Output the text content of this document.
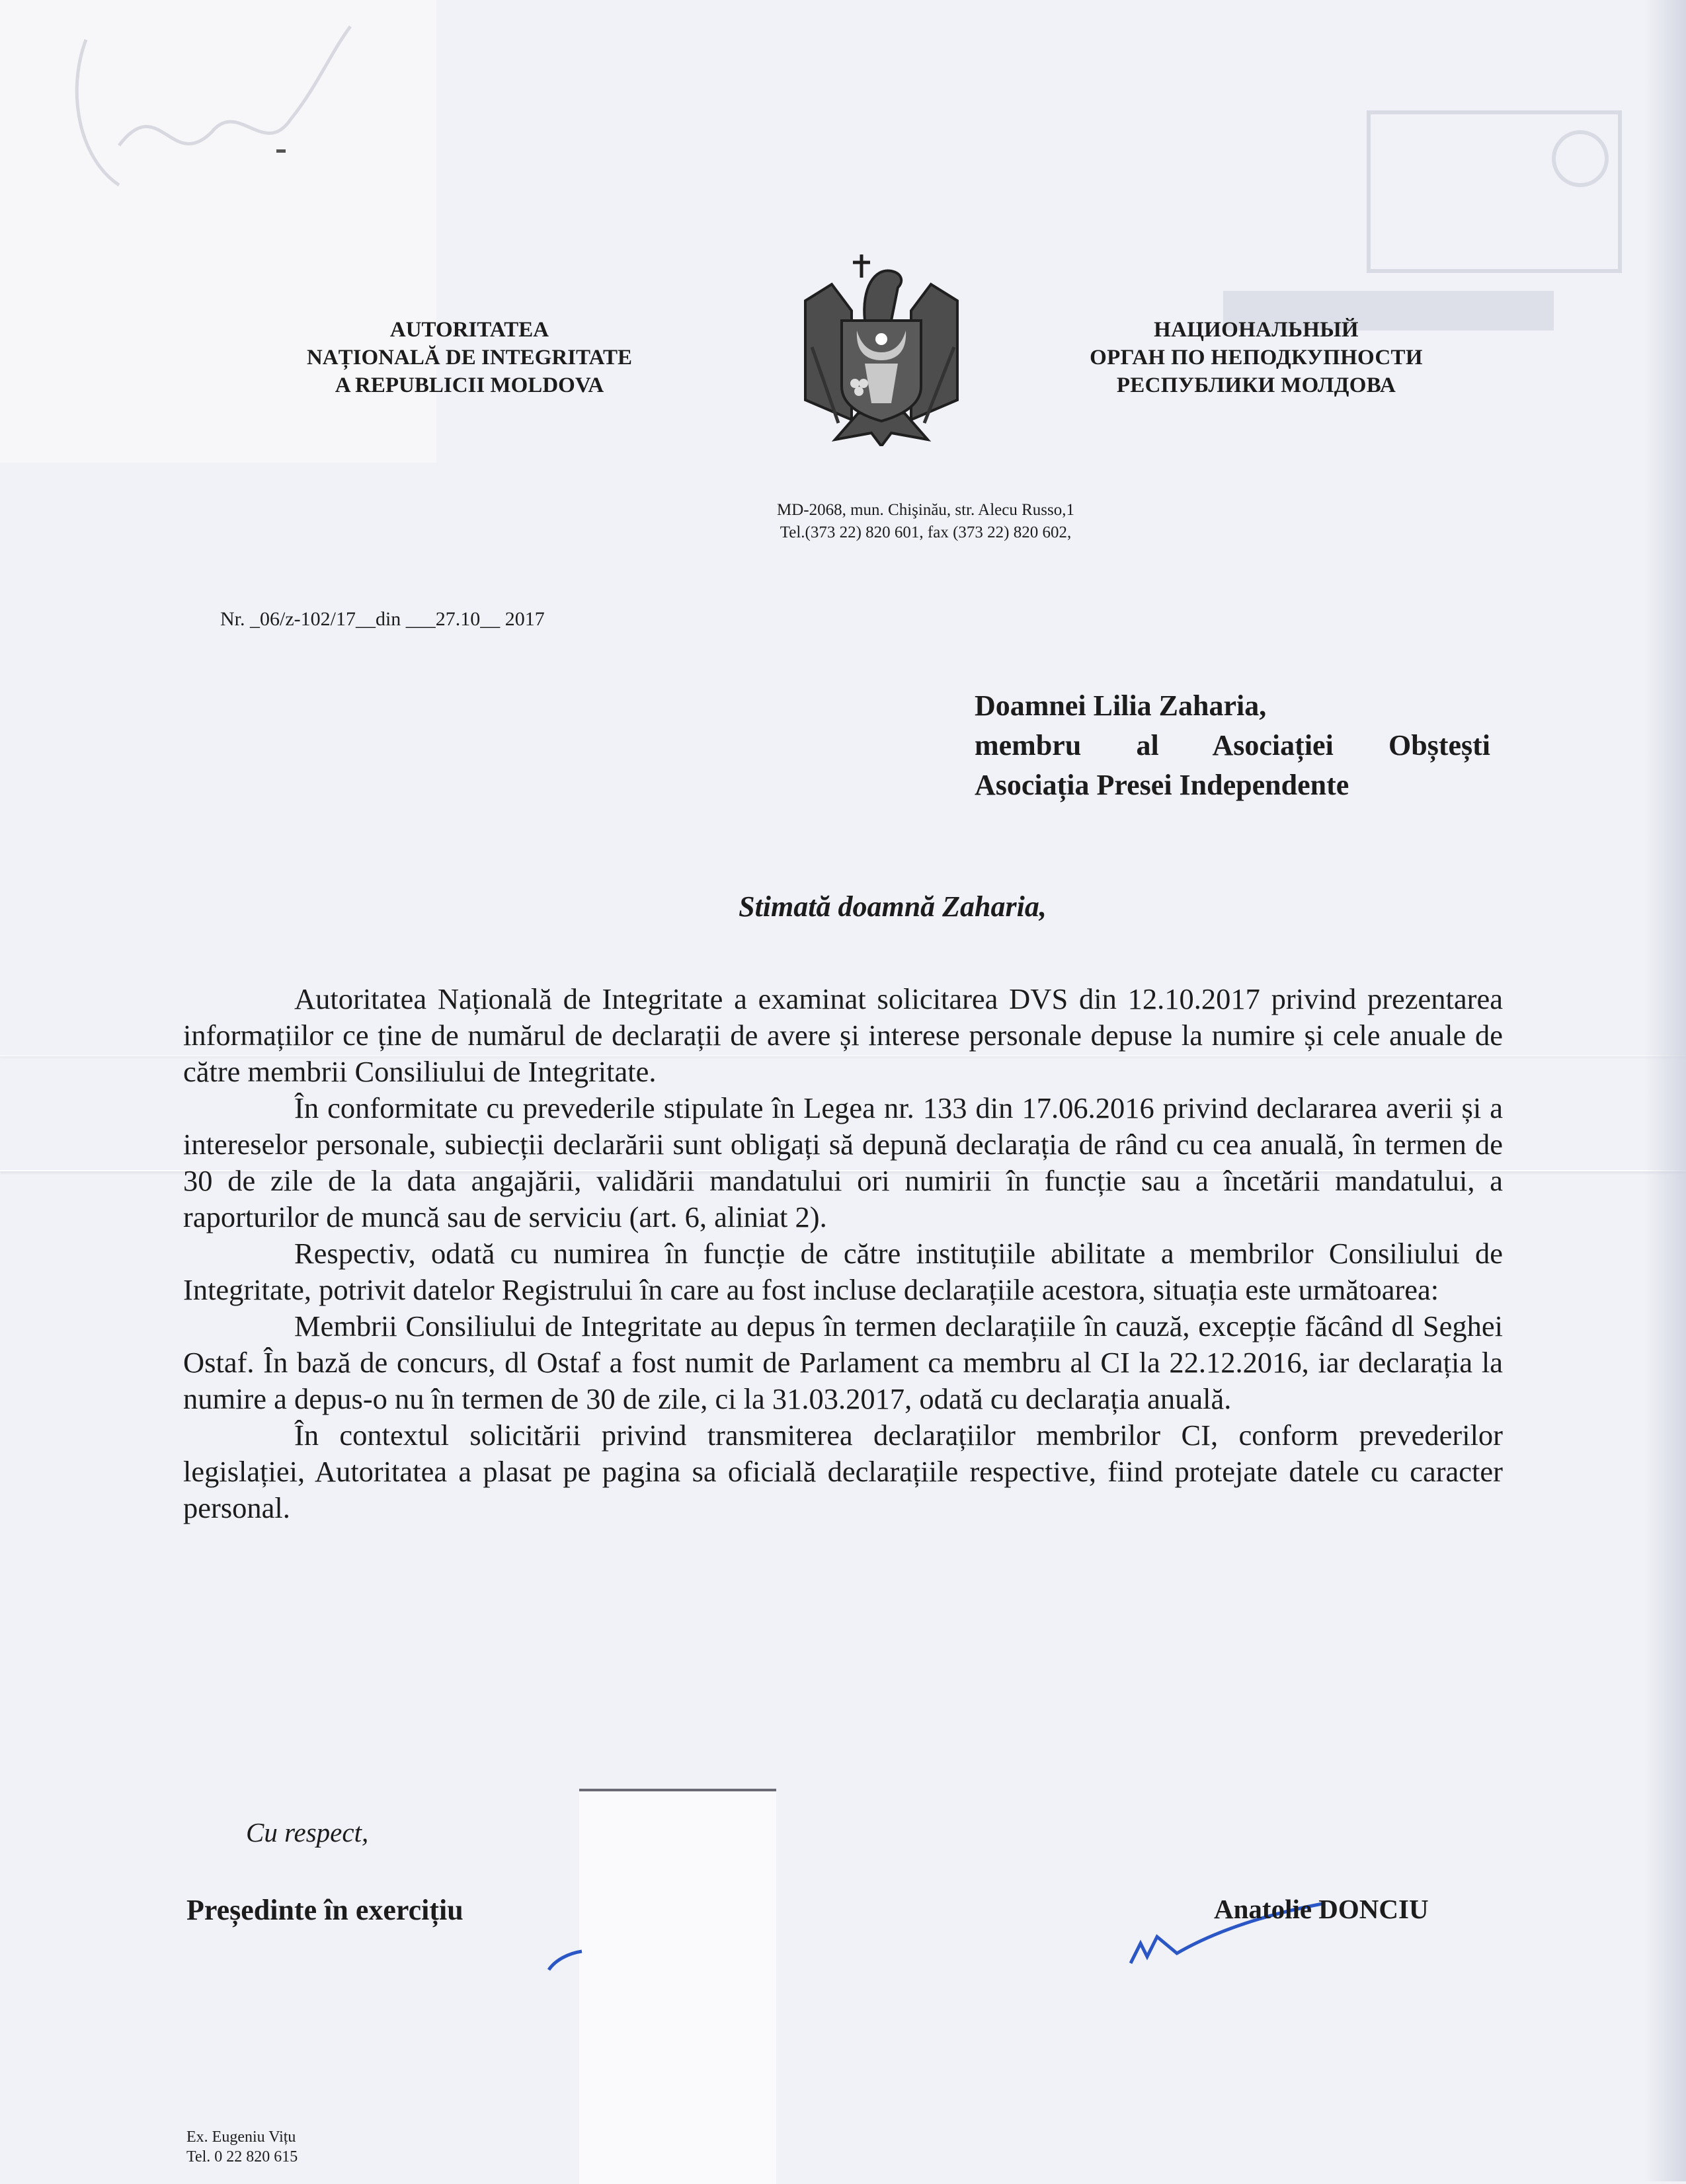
AUTORITATEA
NAȚIONALĂ DE INTEGRITATE
A REPUBLICII MOLDOVA
НАЦИОНАЛЬНЫЙ
ОРГАН ПО НЕПОДКУПНОСТИ
РЕСПУБЛИКИ МОЛДОВА
MD-2068, mun. Chişinău, str. Alecu Russo,1
Tel.(373 22) 820 601, fax (373 22) 820 602,
Nr. _06/z-102/17__din ___27.10__ 2017
Doamnei Lilia Zaharia,
membru al Asociației Obștești
Asociația Presei Independente
Stimată doamnă Zaharia,

Autoritatea Națională de Integritate a examinat solicitarea DVS din 12.10.2017 privind prezentarea informațiilor ce ține de numărul de declarații de avere și interese personale depuse la numire și cele anuale de către membrii Consiliului de Integritate.

În conformitate cu prevederile stipulate în Legea nr. 133 din 17.06.2016 privind declararea averii și a intereselor personale, subiecții declarării sunt obligați să depună declarația de rând cu cea anuală, în termen de 30 de zile de la data angajării, validării mandatului ori numirii în funcție sau a încetării mandatului, a raporturilor de muncă sau de serviciu (art. 6, aliniat 2).

Respectiv, odată cu numirea în funcție de către instituțiile abilitate a membrilor Consiliului de Integritate, potrivit datelor Registrului în care au fost incluse declarațiile acestora, situația este următoarea:

Membrii Consiliului de Integritate au depus în termen declarațiile în cauză, excepție făcând dl Seghei Ostaf. În bază de concurs, dl Ostaf a fost numit de Parlament ca membru al CI la 22.12.2016, iar declarația la numire a depus-o nu în termen de 30 de zile, ci la 31.03.2017, odată cu declarația anuală.

În contextul solicitării privind transmiterea declarațiilor membrilor CI, conform prevederilor legislației, Autoritatea a plasat pe pagina sa oficială declarațiile respective, fiind protejate datele cu caracter personal.

Cu respect,
Președinte în exercițiu	Anatolie DONCIU
Ex. Eugeniu Vițu
Tel. 0 22 820 615
